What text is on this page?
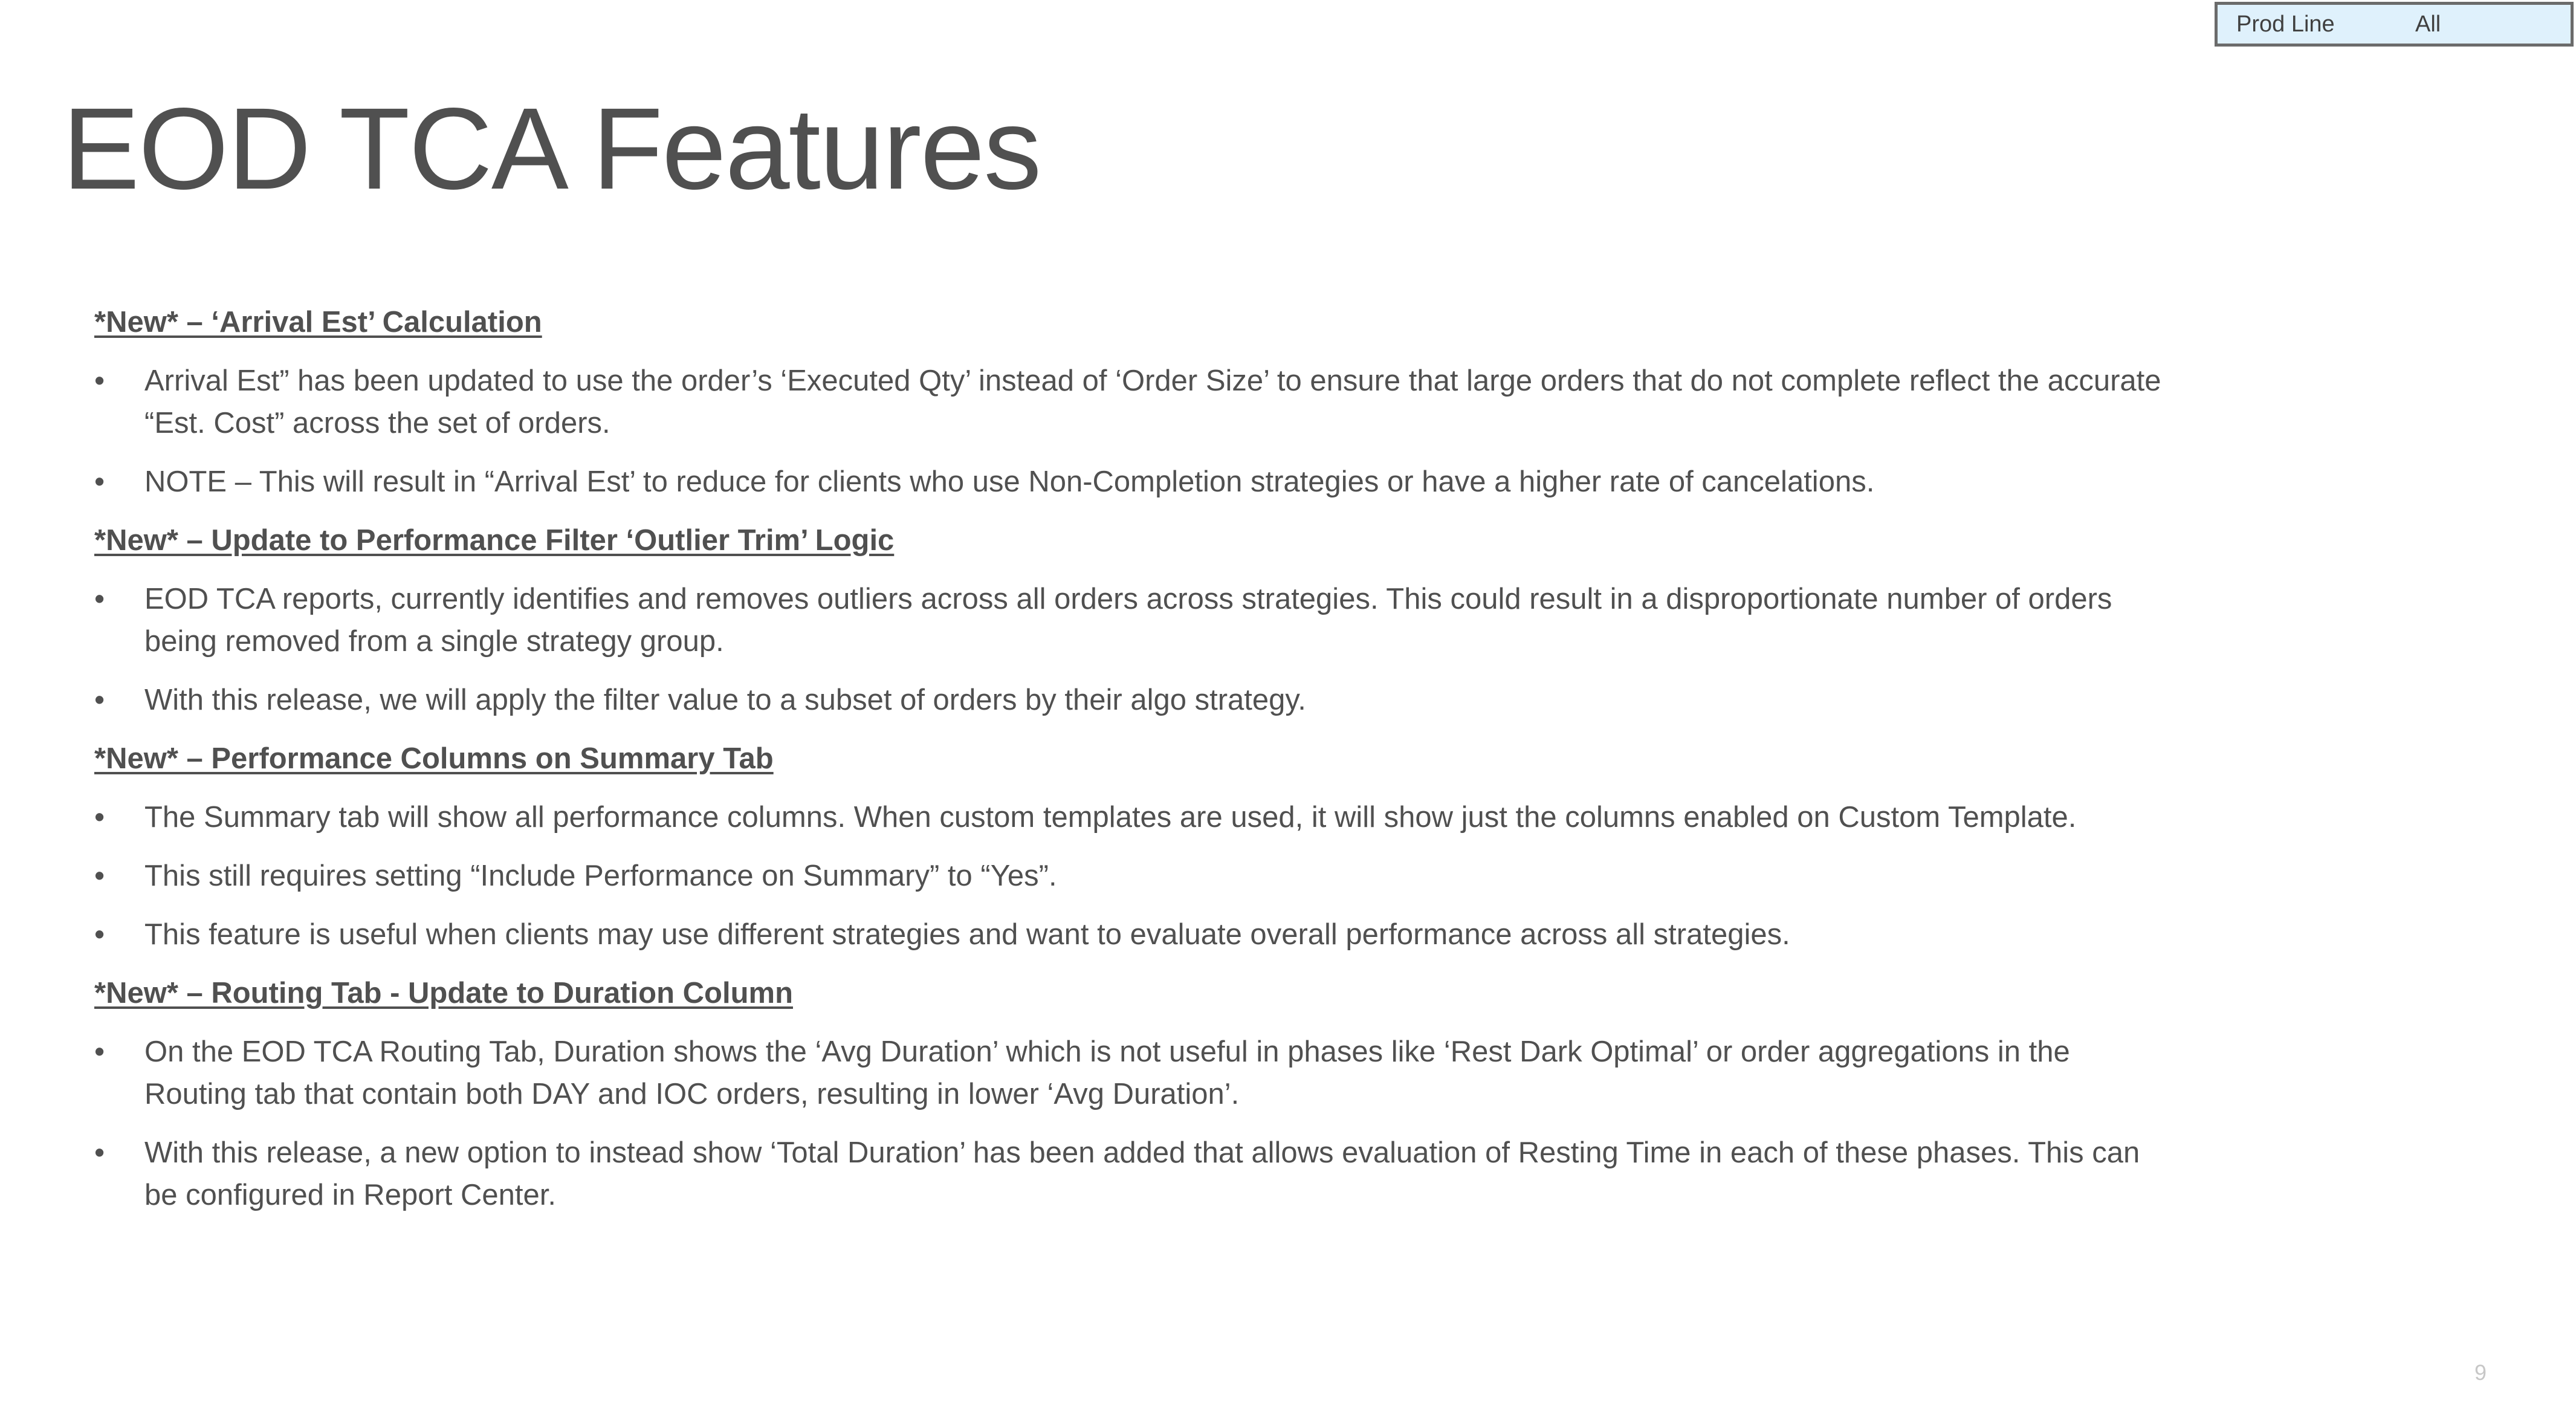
Prod Line	All
EOD TCA Features
*New* – ‘Arrival Est’ Calculation
•	Arrival Est” has been updated to use the order’s ‘Executed Qty’ instead of ‘Order Size’ to ensure that large orders that do not complete reflect the accurate “Est. Cost” across the set of orders.
•	NOTE – This will result in “Arrival Est’ to reduce for clients who use Non-Completion strategies or have a higher rate of cancelations.
*New* – Update to Performance Filter ‘Outlier Trim’ Logic
•	EOD TCA reports, currently identifies and removes outliers across all orders across strategies. This could result in a disproportionate number of orders being removed from a single strategy group.
•	With this release, we will apply the filter value to a subset of orders by their algo strategy.
*New* – Performance Columns on Summary Tab
•	The Summary tab will show all performance columns. When custom templates are used, it will show just the columns enabled on Custom Template.
•	This still requires setting “Include Performance on Summary” to “Yes”.
•	This feature is useful when clients may use different strategies and want to evaluate overall performance across all strategies.
*New* – Routing Tab - Update to Duration Column
•	On the EOD TCA Routing Tab, Duration shows the ‘Avg Duration’ which is not useful in phases like ‘Rest Dark Optimal’ or order aggregations in the Routing tab that contain both DAY and IOC orders, resulting in lower ‘Avg Duration’.
•	With this release, a new option to instead show ‘Total Duration’ has been added that allows evaluation of Resting Time in each of these phases. This can be configured in Report Center.
9
